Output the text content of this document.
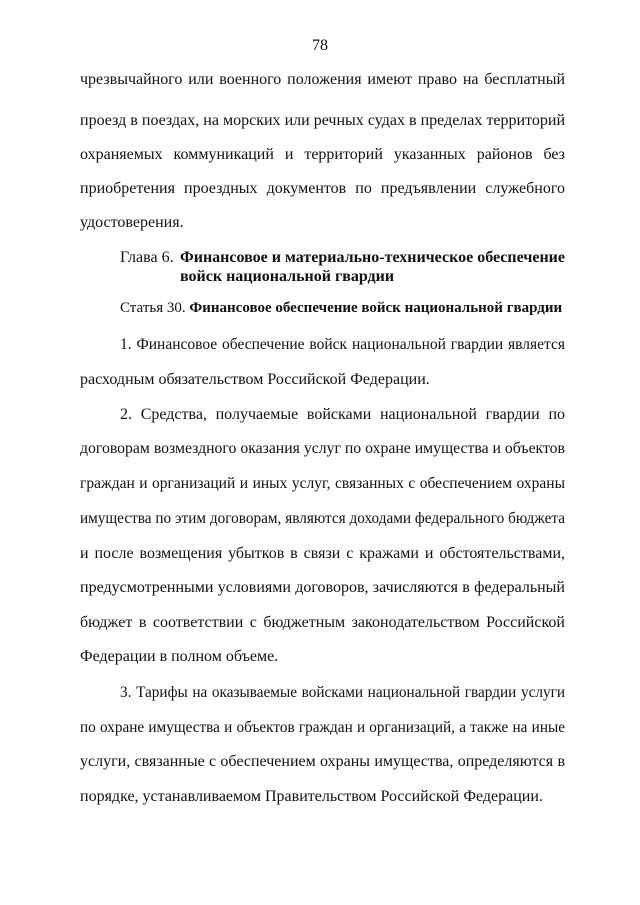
78
чрезвычайного или военного положения имеют право на бесплатный
проезд в поездах, на морских или речных судах в пределах территорий
охраняемых коммуникаций и территорий указанных районов без
приобретения проездных документов по предъявлении служебного
удостоверения.
Глава 6. Финансовое и материально-техническое обеспечение
войск национальной гвардии
Статья 30. Финансовое обеспечение войск национальной гвардии
1. Финансовое обеспечение войск национальной гвардии является
расходным обязательством Российской Федерации.
2. Средства, получаемые войсками национальной гвардии по
договорам возмездного оказания услуг по охране имущества и объектов
граждан и организаций и иных услуг, связанных с обеспечением охраны
имущества по этим договорам, являются доходами федерального бюджета
и после возмещения убытков в связи с кражами и обстоятельствами,
предусмотренными условиями договоров, зачисляются в федеральный
бюджет в соответствии с бюджетным законодательством Российской
Федерации в полном объеме.
3. Тарифы на оказываемые войсками национальной гвардии услуги
по охране имущества и объектов граждан и организаций, а также на иные
услуги, связанные с обеспечением охраны имущества, определяются в
порядке, устанавливаемом Правительством Российской Федерации.
